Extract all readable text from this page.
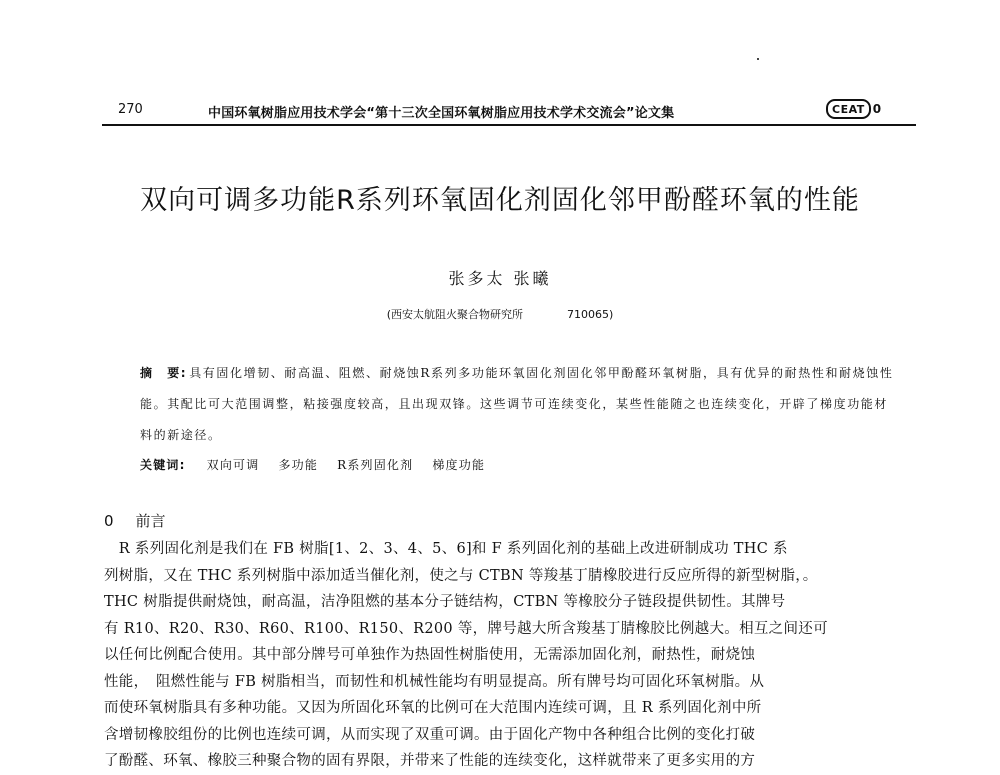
270	中国环氧树脂应用技术学会“第十三次全国环氧树脂应用技术学术交流会”论文集	CEAT 0
双向可调多功能R系列环氧固化剂固化邻甲酚醛环氧的性能
张多太 张曦
(西安太航阻火聚合物研究所	710065)
摘　要: 具有固化增韧、耐高温、阻燃、耐烧蚀R系列多功能环氧固化剂固化邻甲酚醛环氧树脂，具有优异的耐热性和耐烧蚀性能。其配比可大范围调整，粘接强度较高，且出现双锋。这些调节可连续变化，某些性能随之也连续变化，开辟了梯度功能材料的新途径。
关键词: 双向可调 多功能 R系列固化剂 梯度功能
0 前言
　R 系列固化剂是我们在 FB 树脂[1、2、3、4、5、6]和 F 系列固化剂的基础上改进研制成功 THC 系
列树脂，又在 THC 系列树脂中添加适当催化剂，使之与 CTBN 等羧基丁腈橡胶进行反应所得的新型树脂，。
THC 树脂提供耐烧蚀，耐高温，洁净阻燃的基本分子链结构，CTBN 等橡胶分子链段提供韧性。其牌号
有 R10、R20、R30、R60、R100、R150、R200 等，牌号越大所含羧基丁腈橡胶比例越大。相互之间还可
以任何比例配合使用。其中部分牌号可单独作为热固性树脂使用，无需添加固化剂，耐热性，耐烧蚀
性能，　阻燃性能与 FB 树脂相当，而韧性和机械性能均有明显提高。所有牌号均可固化环氧树脂。从
而使环氧树脂具有多种功能。又因为所固化环氧的比例可在大范围内连续可调，且 R 系列固化剂中所
含增韧橡胶组份的比例也连续可调，从而实现了双重可调。由于固化产物中各种组合比例的变化打破
了酚醛、环氧、橡胶三种聚合物的固有界限，并带来了性能的连续变化，这样就带来了更多实用的方
